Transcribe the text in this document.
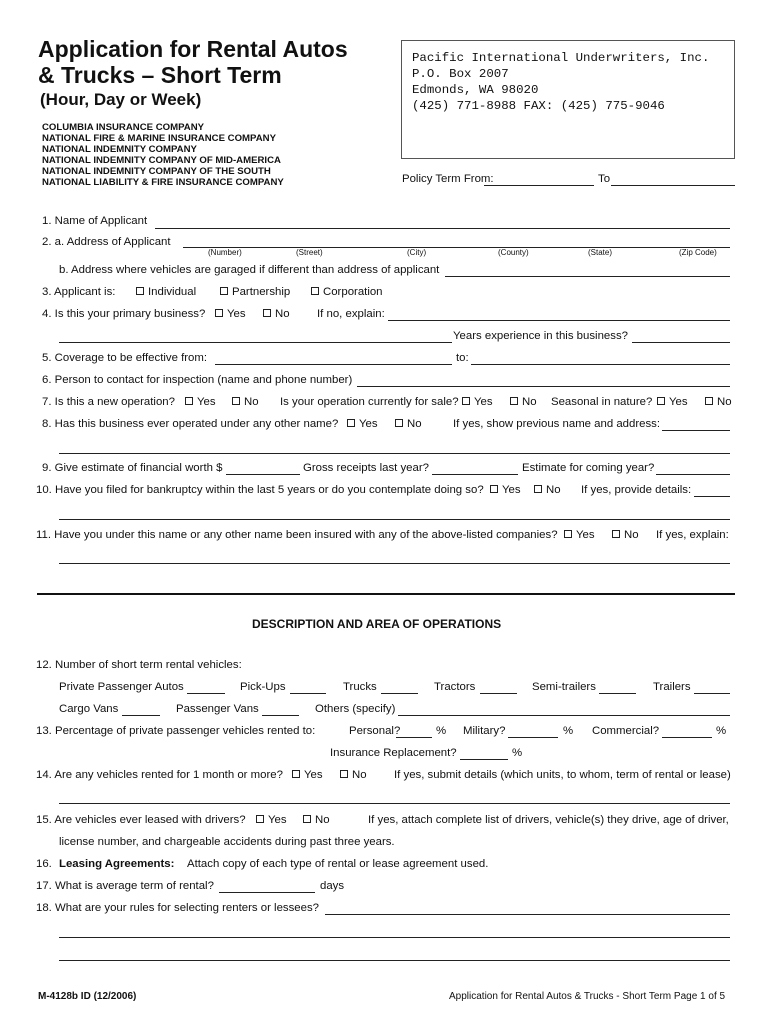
Application for Rental Autos
& Trucks – Short Term
(Hour, Day or Week)
COLUMBIA INSURANCE COMPANY
NATIONAL FIRE & MARINE INSURANCE COMPANY
NATIONAL INDEMNITY COMPANY
NATIONAL INDEMNITY COMPANY OF MID-AMERICA
NATIONAL INDEMNITY COMPANY OF THE SOUTH
NATIONAL LIABILITY & FIRE INSURANCE COMPANY
Pacific International Underwriters, Inc.
P.O. Box 2007
Edmonds, WA 98020
(425) 771-8988 FAX: (425) 775-9046
Policy Term From:	To
1. Name of Applicant
2. a. Address of Applicant
(Number)	(Street)	(City)	(County)	(State)	(Zip Code)
b. Address where vehicles are garaged if different than address of applicant
3. Applicant is:	Individual	Partnership	Corporation
4. Is this your primary business?	Yes	No If no, explain:
Years experience in this business?
5. Coverage to be effective from:	to:
6. Person to contact for inspection (name and phone number)
7. Is this a new operation?	Yes	No Is your operation currently for sale?	Yes	No Seasonal in nature?	Yes	No
8. Has this business ever operated under any other name?	Yes	No	If yes, show previous name and address:
9. Give estimate of financial worth $	Gross receipts last year?	Estimate for coming year?
10. Have you filed for bankruptcy within the last 5 years or do you contemplate doing so?	Yes	No If yes, provide details:
11. Have you under this name or any other name been insured with any of the above-listed companies?	Yes	No If yes, explain:
DESCRIPTION AND AREA OF OPERATIONS
12. Number of short term rental vehicles:
Private Passenger Autos	Pick-Ups	Trucks	Tractors	Semi-trailers	Trailers
Cargo Vans	Passenger Vans	Others (specify)
13. Percentage of private passenger vehicles rented to:	Personal?	% Military?	% Commercial?	%
Insurance Replacement?	%
14. Are any vehicles rented for 1 month or more?	Yes	No If yes, submit details (which units, to whom, term of rental or lease)
15. Are vehicles ever leased with drivers?	Yes	No	If yes, attach complete list of drivers, vehicle(s) they drive, age of driver,
license number, and chargeable accidents during past three years.
16. Leasing Agreements: Attach copy of each type of rental or lease agreement used.
17. What is average term of rental?	days
18. What are your rules for selecting renters or lessees?
M-4128b ID (12/2006)	Application for Rental Autos & Trucks - Short Term Page 1 of 5
